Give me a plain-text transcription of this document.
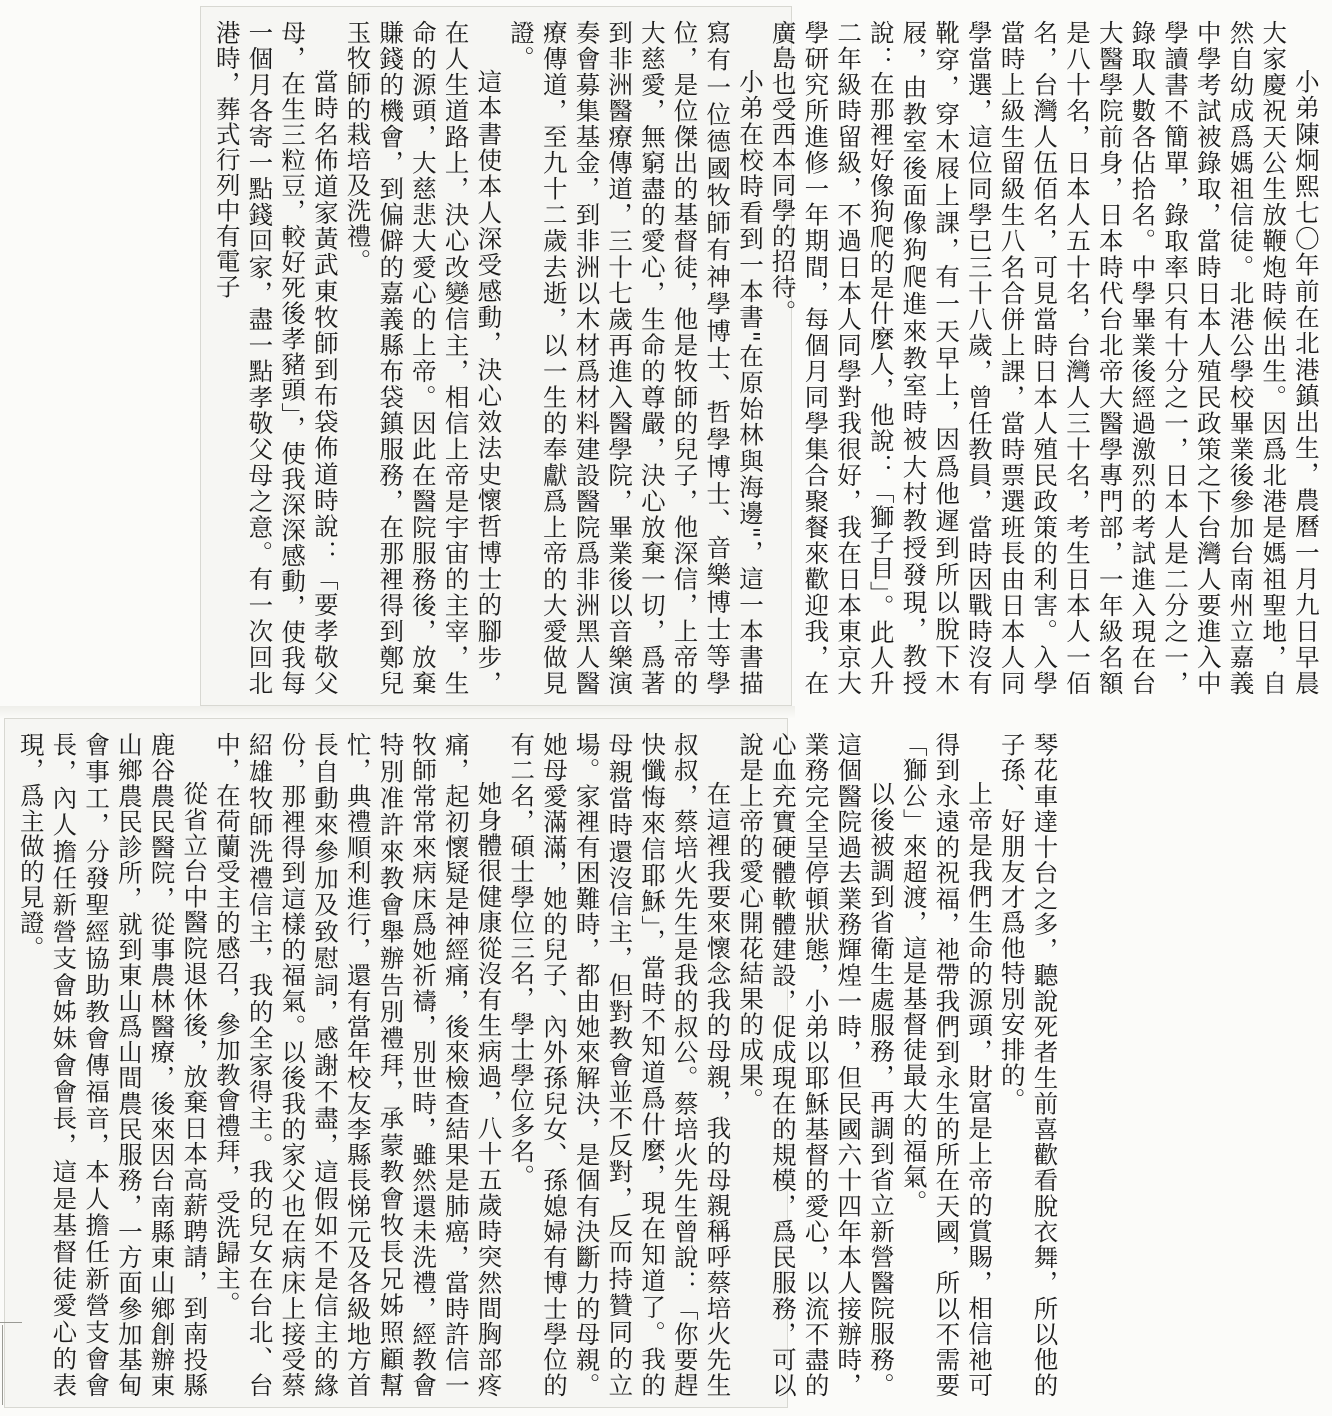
小弟陳炯熙七〇年前在北港鎮出生，農曆一月九日早晨大家慶祝天公生放鞭炮時候出生。因爲北港是媽祖聖地，自然自幼成爲媽祖信徒。北港公學校畢業後參加台南州立嘉義中學考試被錄取，當時日本人殖民政策之下台灣人要進入中學讀書不簡單，錄取率只有十分之一，日本人是二分之一，錄取人數各佔拾名。中學畢業後經過激烈的考試進入現在台大醫學院前身，日本時代台北帝大醫學專門部，一年級名額是八十名，日本人五十名，台灣人三十名，考生日本人一佰名，台灣人伍佰名，可見當時日本人殖民政策的利害。入學當時上級生留級生八名合併上課，當時票選班長由日本人同學當選，這位同學已三十八歲，曾任教員，當時因戰時沒有靴穿，穿木屐上課，有一天早上，因爲他遲到所以脫下木屐，由教室後面像狗爬進來教室時被大村教授發現，教授說：在那裡好像狗爬的是什麼人，他說：「獅子目」。此人升二年級時留級，不過日本人同學對我很好，我在日本東京大學研究所進修一年期間，每個月同學集合聚餐來歡迎我，在廣島也受西本同學的招待。

小弟在校時看到一本書"在原始林與海邊"，這一本書描寫有一位德國牧師有神學博士、哲學博士、音樂博士等學位，是位傑出的基督徒，他是牧師的兒子，他深信，上帝的大慈愛，無窮盡的愛心，生命的尊嚴，決心放棄一切，爲著到非洲醫療傳道，三十七歲再進入醫學院，畢業後以音樂演奏會募集基金，到非洲以木材爲材料建設醫院爲非洲黑人醫療傳道，至九十二歲去逝，以一生的奉獻爲上帝的大愛做見證。

這本書使本人深受感動，決心效法史懷哲博士的腳步，在人生道路上，決心改變信主，相信上帝是宇宙的主宰，生命的源頭，大慈悲大愛心的上帝。因此在醫院服務後，放棄賺錢的機會，到偏僻的嘉義縣布袋鎮服務，在那裡得到鄭兒玉牧師的栽培及洗禮。

當時名佈道家黃武東牧師到布袋佈道時說：「要孝敬父母，在生三粒豆，較好死後孝豬頭」，使我深深感動，使我每一個月各寄一點錢回家，盡一點孝敬父母之意。有一次回北港時，葬式行列中有電子

琴花車達十台之多，聽說死者生前喜歡看脫衣舞，所以他的子孫、好朋友才爲他特別安排的。

上帝是我們生命的源頭，財富是上帝的賞賜，相信祂可得到永遠的祝福，祂帶我們到永生的所在天國，所以不需要「獅公」來超渡，這是基督徒最大的福氣。

以後被調到省衛生處服務，再調到省立新營醫院服務。這個醫院過去業務輝煌一時，但民國六十四年本人接辦時，業務完全呈停頓狀態，小弟以耶穌基督的愛心，以流不盡的心血充實硬體軟體建設，促成現在的規模，爲民服務，可以說是上帝的愛心開花結果的成果。

在這裡我要來懷念我的母親，我的母親稱呼蔡培火先生叔叔，蔡培火先生是我的叔公。蔡培火先生曾說：「你要趕快懺悔來信耶穌」，當時不知道爲什麼，現在知道了。我的母親當時還沒信主，但對教會並不反對，反而持贊同的立場。家裡有困難時，都由她來解決，是個有決斷力的母親。她母愛滿滿，她的兒子、內外孫兒女、孫媳婦有博士學位的有二名，碩士學位三名，學士學位多名。

她身體很健康從沒有生病過，八十五歲時突然間胸部疼痛，起初懷疑是神經痛，後來檢查結果是肺癌，當時許信一牧師常常來病床爲她祈禱，別世時，雖然還未洗禮，經教會特別准許來教會舉辦告別禮拜，承蒙教會牧長兄姊照顧幫忙，典禮順利進行，還有當年校友李縣長悌元及各級地方首長自動來參加及致慰詞，感謝不盡，這假如不是信主的緣份，那裡得到這樣的福氣。以後我的家父也在病床上接受蔡紹雄牧師洗禮信主，我的全家得主。我的兒女在台北、台中，在荷蘭受主的感召，參加教會禮拜，受洗歸主。

從省立台中醫院退休後，放棄日本高薪聘請，到南投縣鹿谷農民醫院，從事農林醫療，後來因台南縣東山鄉創辦東山鄉農民診所，就到東山爲山間農民服務，一方面參加基甸會事工，分發聖經協助教會傳福音，本人擔任新營支會會長，內人擔任新營支會姊妹會會長，這是基督徒愛心的表現，爲主做的見證。
